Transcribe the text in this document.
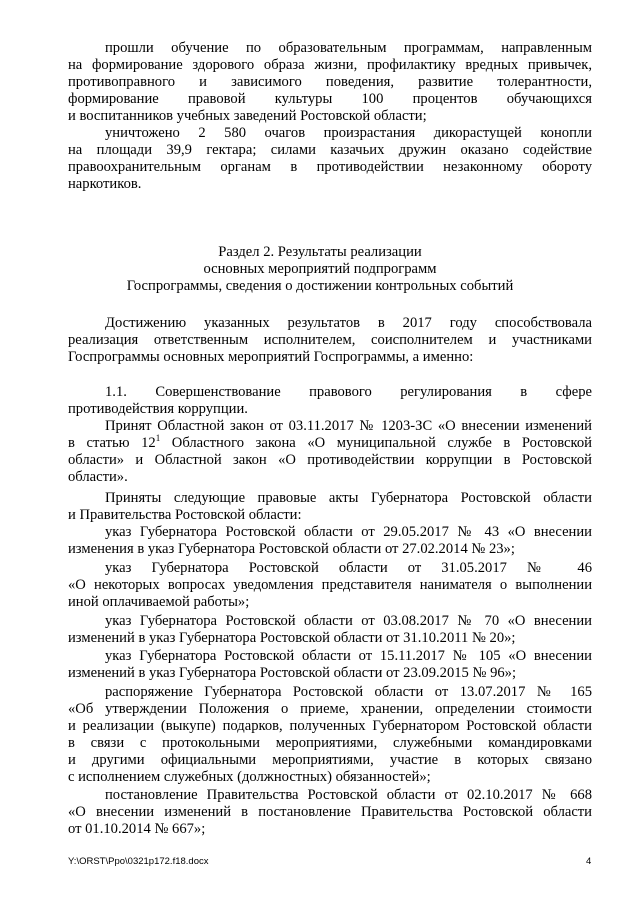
прошли обучение по образовательным программам, направленным
на формирование здорового образа жизни, профилактику вредных привычек,
противоправного и зависимого поведения, развитие толерантности,
формирование правовой культуры 100 процентов обучающихся
и воспитанников учебных заведений Ростовской области;
уничтожено 2 580 очагов произрастания дикорастущей конопли
на площади 39,9 гектара; силами казачьих дружин оказано содействие
правоохранительным органам в противодействии незаконному обороту
наркотиков.
Раздел 2. Результаты реализации
основных мероприятий подпрограмм
Госпрограммы, сведения о достижении контрольных событий
Достижению указанных результатов в 2017 году способствовала
реализация ответственным исполнителем, соисполнителем и участниками
Госпрограммы основных мероприятий Госпрограммы, а именно:
1.1. Совершенствование правового регулирования в сфере
противодействия коррупции.
Принят Областной закон от 03.11.2017 № 1203-ЗС «О внесении изменений
в статью $12^1$ Областного закона «О муниципальной службе в Ростовской
области» и Областной закон «О противодействии коррупции в Ростовской
области».
Приняты следующие правовые акты Губернатора Ростовской области
и Правительства Ростовской области:
указ Губернатора Ростовской области от 29.05.2017 № 43 «О внесении
изменения в указ Губернатора Ростовской области от 27.02.2014 № 23»;
указ Губернатора Ростовской области от 31.05.2017 № 46
«О некоторых вопросах уведомления представителя нанимателя о выполнении
иной оплачиваемой работы»;
указ Губернатора Ростовской области от 03.08.2017 № 70 «О внесении
изменений в указ Губернатора Ростовской области от 31.10.2011 № 20»;
указ Губернатора Ростовской области от 15.11.2017 № 105 «О внесении
изменений в указ Губернатора Ростовской области от 23.09.2015 № 96»;
распоряжение Губернатора Ростовской области от 13.07.2017 № 165
«Об утверждении Положения о приеме, хранении, определении стоимости
и реализации (выкупе) подарков, полученных Губернатором Ростовской области
в связи с протокольными мероприятиями, служебными командировками
и другими официальными мероприятиями, участие в которых связано
с исполнением служебных (должностных) обязанностей»;
постановление Правительства Ростовской области от 02.10.2017 № 668
«О внесении изменений в постановление Правительства Ростовской области
от 01.10.2014 № 667»;
Y:\ORST\Ppo\0321p172.f18.docx	4
